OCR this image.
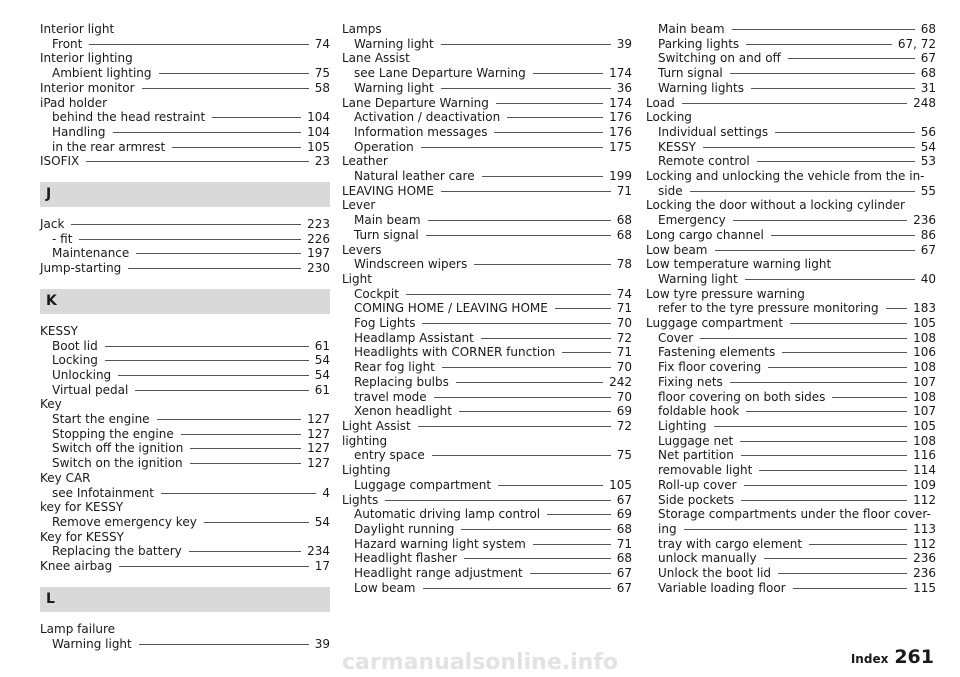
Interior light
Front	74
Interior lighting
Ambient lighting	75
Interior monitor	58
iPad holder
behind the head restraint	104
Handling	104
in the rear armrest	105
ISOFIX	23
J
Jack	223
- fit	226
Maintenance	197
Jump-starting	230
K
KESSY
Boot lid	61
Locking	54
Unlocking	54
Virtual pedal	61
Key
Start the engine	127
Stopping the engine	127
Switch off the ignition	127
Switch on the ignition	127
Key CAR
see Infotainment	4
key for KESSY
Remove emergency key	54
Key for KESSY
Replacing the battery	234
Knee airbag	17
L
Lamp failure
Warning light	39
Lamps
Warning light	39
Lane Assist
see Lane Departure Warning	174
Warning light	36
Lane Departure Warning	174
Activation / deactivation	176
Information messages	176
Operation	175
Leather
Natural leather care	199
LEAVING HOME	71
Lever
Main beam	68
Turn signal	68
Levers
Windscreen wipers	78
Light
Cockpit	74
COMING HOME / LEAVING HOME	71
Fog Lights	70
Headlamp Assistant	72
Headlights with CORNER function	71
Rear fog light	70
Replacing bulbs	242
travel mode	70
Xenon headlight	69
Light Assist	72
lighting
entry space	75
Lighting
Luggage compartment	105
Lights	67
Automatic driving lamp control	69
Daylight running	68
Hazard warning light system	71
Headlight flasher	68
Headlight range adjustment	67
Low beam	67
Main beam	68
Parking lights	67, 72
Switching on and off	67
Turn signal	68
Warning lights	31
Load	248
Locking
Individual settings	56
KESSY	54
Remote control	53
Locking and unlocking the vehicle from the in-
side	55
Locking the door without a locking cylinder
Emergency	236
Long cargo channel	86
Low beam	67
Low temperature warning light
Warning light	40
Low tyre pressure warning
refer to the tyre pressure monitoring	183
Luggage compartment	105
Cover	108
Fastening elements	106
Fix floor covering	108
Fixing nets	107
floor covering on both sides	108
foldable hook	107
Lighting	105
Luggage net	108
Net partition	116
removable light	114
Roll-up cover	109
Side pockets	112
Storage compartments under the floor cover-
ing	113
tray with cargo element	112
unlock manually	236
Unlock the boot lid	236
Variable loading floor	115
carmanualsonline.info	Index 261
